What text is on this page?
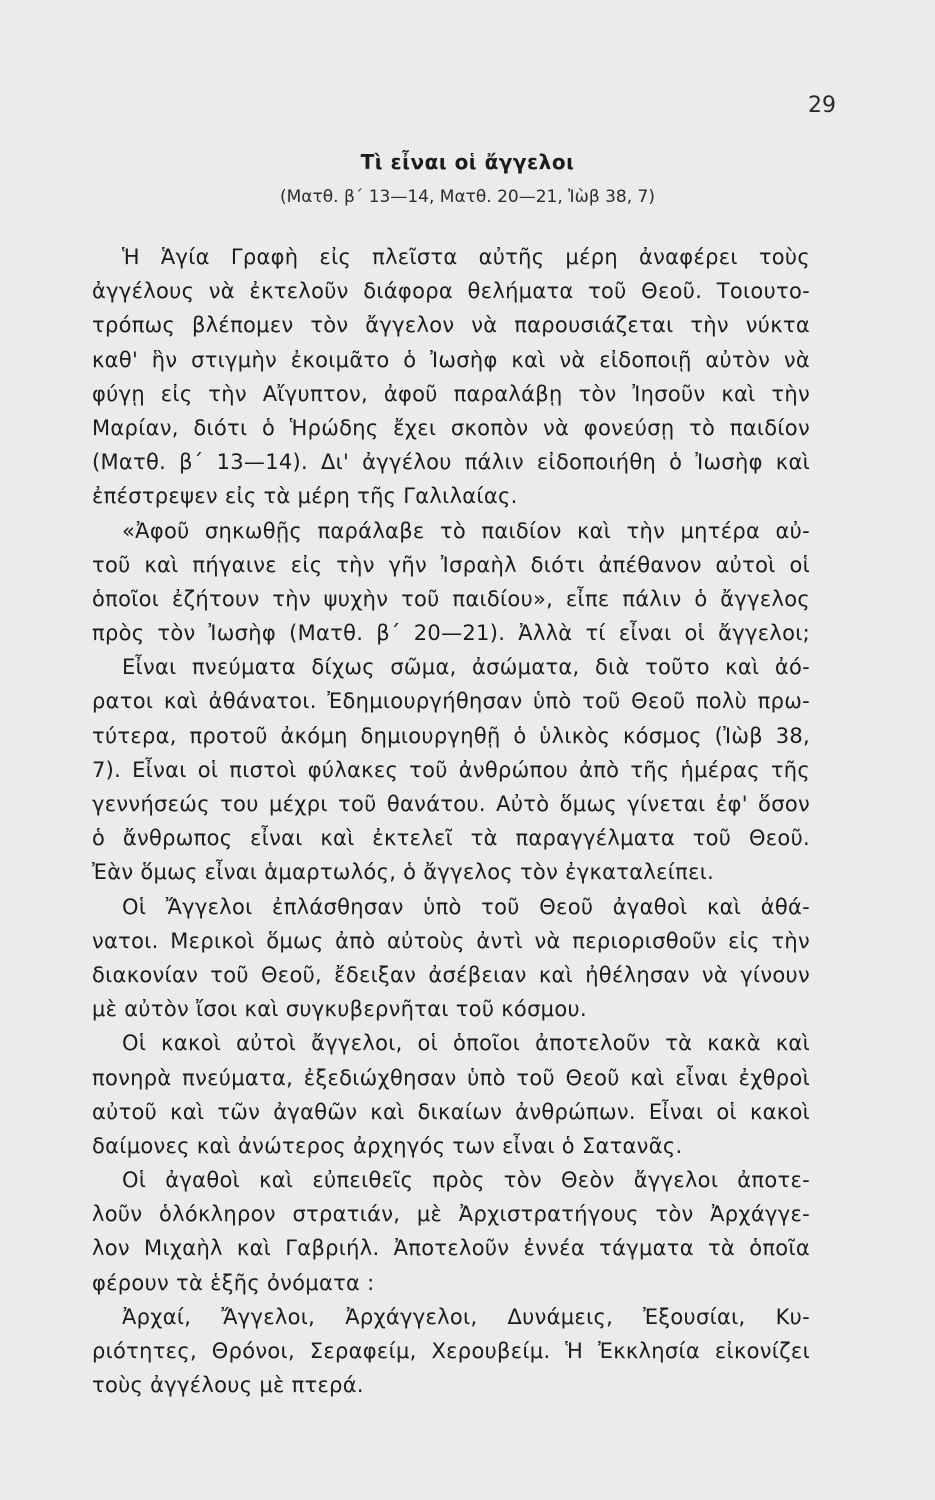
29
Τὶ εἶναι οἱ ἄγγελοι
(Ματθ. β΄ 13—14, Ματθ. 20—21, Ἰὼβ 38, 7)
Ἡ Ἁγία Γραφὴ εἰς πλεῖστα αὐτῆς μέρη ἀναφέρει τοὺς
ἀγγέλους νὰ ἐκτελοῦν διάφορα θελήματα τοῦ Θεοῦ. Τοιουτο-
τρόπως βλέπομεν τὸν ἄγγελον νὰ παρουσιάζεται τὴν νύκτα
καθ' ἣν στιγμὴν ἐκοιμᾶτο ὁ Ἰωσὴφ καὶ νὰ εἰδοποιῇ αὐτὸν νὰ
φύγῃ εἰς τὴν Αἴγυπτον, ἀφοῦ παραλάβῃ τὸν Ἰησοῦν καὶ τὴν
Μαρίαν, διότι ὁ Ἡρώδης ἔχει σκοπὸν νὰ φονεύσῃ τὸ παιδίον
(Ματθ. β΄ 13—14). Δι' ἀγγέλου πάλιν εἰδοποιήθη ὁ Ἰωσὴφ καὶ
ἐπέστρεψεν εἰς τὰ μέρη τῆς Γαλιλαίας.
«Ἀφοῦ σηκωθῇς παράλαβε τὸ παιδίον καὶ τὴν μητέρα αὐ-
τοῦ καὶ πήγαινε εἰς τὴν γῆν Ἰσραὴλ διότι ἀπέθανον αὐτοὶ οἱ
ὁποῖοι ἐζήτουν τὴν ψυχὴν τοῦ παιδίου», εἶπε πάλιν ὁ ἄγγελος
πρὸς τὸν Ἰωσὴφ (Ματθ. β΄ 20—21). Ἀλλὰ τί εἶναι οἱ ἄγγελοι;
Εἶναι πνεύματα δίχως σῶμα, ἀσώματα, διὰ τοῦτο καὶ ἀό-
ρατοι καὶ ἀθάνατοι. Ἐδημιουργήθησαν ὑπὸ τοῦ Θεοῦ πολὺ πρω-
τύτερα, προτοῦ ἀκόμη δημιουργηθῇ ὁ ὑλικὸς κόσμος (Ἰὼβ 38,
7). Εἶναι οἱ πιστοὶ φύλακες τοῦ ἀνθρώπου ἀπὸ τῆς ἡμέρας τῆς
γεννήσεώς του μέχρι τοῦ θανάτου. Αὐτὸ ὅμως γίνεται ἐφ' ὅσον
ὁ ἄνθρωπος εἶναι καὶ ἐκτελεῖ τὰ παραγγέλματα τοῦ Θεοῦ.
Ἐὰν ὅμως εἶναι ἁμαρτωλός, ὁ ἄγγελος τὸν ἐγκαταλείπει.
Οἱ Ἄγγελοι ἐπλάσθησαν ὑπὸ τοῦ Θεοῦ ἀγαθοὶ καὶ ἀθά-
νατοι. Μερικοὶ ὅμως ἀπὸ αὐτοὺς ἀντὶ νὰ περιορισθοῦν εἰς τὴν
διακονίαν τοῦ Θεοῦ, ἔδειξαν ἀσέβειαν καὶ ἠθέλησαν νὰ γίνουν
μὲ αὐτὸν ἴσοι καὶ συγκυβερνῆται τοῦ κόσμου.
Οἱ κακοὶ αὐτοὶ ἄγγελοι, οἱ ὁποῖοι ἀποτελοῦν τὰ κακὰ καὶ
πονηρὰ πνεύματα, ἐξεδιώχθησαν ὑπὸ τοῦ Θεοῦ καὶ εἶναι ἐχθροὶ
αὐτοῦ καὶ τῶν ἀγαθῶν καὶ δικαίων ἀνθρώπων. Εἶναι οἱ κακοὶ
δαίμονες καὶ ἀνώτερος ἀρχηγός των εἶναι ὁ Σατανᾶς.
Οἱ ἀγαθοὶ καὶ εὐπειθεῖς πρὸς τὸν Θεὸν ἄγγελοι ἀποτε-
λοῦν ὁλόκληρον στρατιάν, μὲ Ἀρχιστρατήγους τὸν Ἀρχάγγε-
λον Μιχαὴλ καὶ Γαβριήλ. Ἀποτελοῦν ἐννέα τάγματα τὰ ὁποῖα
φέρουν τὰ ἑξῆς ὀνόματα :
Ἀρχαί, Ἄγγελοι, Ἀρχάγγελοι, Δυνάμεις, Ἐξουσίαι, Κυ-
ριότητες, Θρόνοι, Σεραφείμ, Χερουβείμ. Ἡ Ἐκκλησία εἰκονίζει
τοὺς ἀγγέλους μὲ πτερά.
